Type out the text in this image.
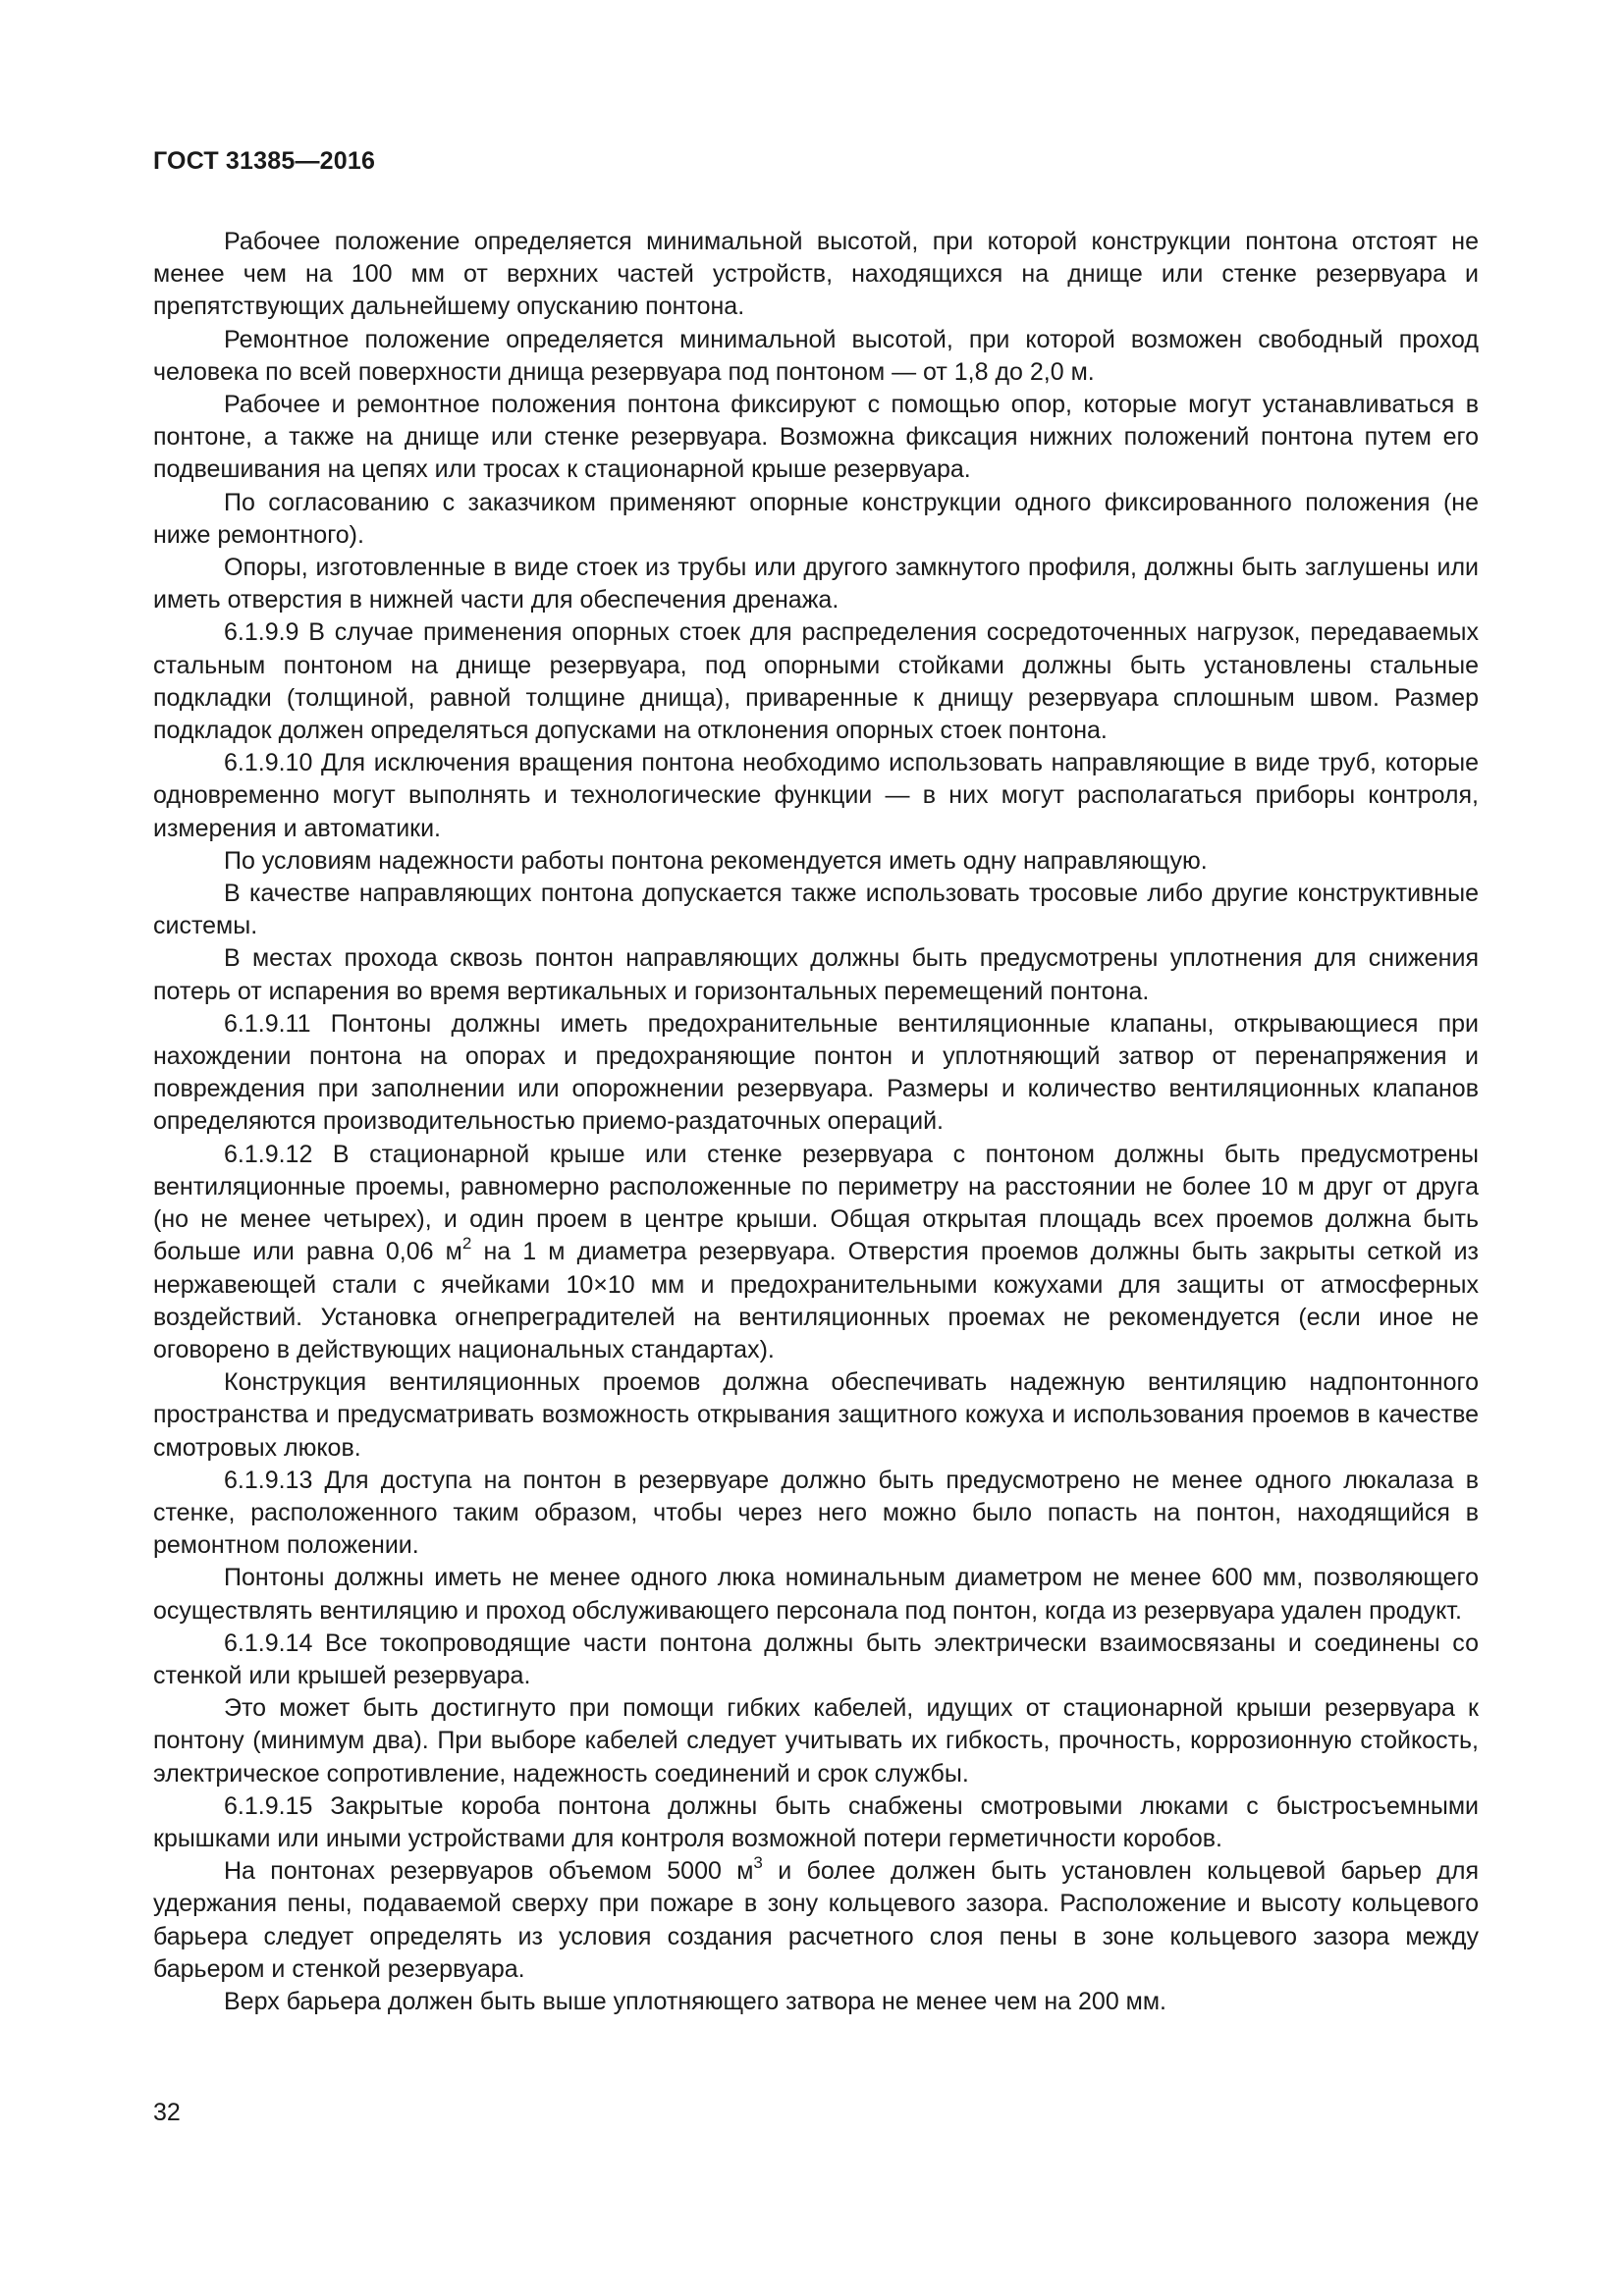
ГОСТ 31385—2016

Рабочее положение определяется минимальной высотой, при которой конструкции понтона отстоят не менее чем на 100 мм от верхних частей устройств, находящихся на днище или стенке резервуара и препятствующих дальнейшему опусканию понтона.

Ремонтное положение определяется минимальной высотой, при которой возможен свободный проход человека по всей поверхности днища резервуара под понтоном — от 1,8 до 2,0 м.

Рабочее и ремонтное положения понтона фиксируют с помощью опор, которые могут устанавливаться в понтоне, а также на днище или стенке резервуара. Возможна фиксация нижних положений понтона путем его подвешивания на цепях или тросах к стационарной крыше резервуара.

По согласованию с заказчиком применяют опорные конструкции одного фиксированного положения (не ниже ремонтного).

Опоры, изготовленные в виде стоек из трубы или другого замкнутого профиля, должны быть заглушены или иметь отверстия в нижней части для обеспечения дренажа.

6.1.9.9 В случае применения опорных стоек для распределения сосредоточенных нагрузок, передаваемых стальным понтоном на днище резервуара, под опорными стойками должны быть установлены стальные подкладки (толщиной, равной толщине днища), приваренные к днищу резервуара сплошным швом. Размер подкладок должен определяться допусками на отклонения опорных стоек понтона.

6.1.9.10 Для исключения вращения понтона необходимо использовать направляющие в виде труб, которые одновременно могут выполнять и технологические функции — в них могут располагаться приборы контроля, измерения и автоматики.

По условиям надежности работы понтона рекомендуется иметь одну направляющую.

В качестве направляющих понтона допускается также использовать тросовые либо другие конструктивные системы.

В местах прохода сквозь понтон направляющих должны быть предусмотрены уплотнения для снижения потерь от испарения во время вертикальных и горизонтальных перемещений понтона.

6.1.9.11 Понтоны должны иметь предохранительные вентиляционные клапаны, открывающиеся при нахождении понтона на опорах и предохраняющие понтон и уплотняющий затвор от перенапряжения и повреждения при заполнении или опорожнении резервуара. Размеры и количество вентиляционных клапанов определяются производительностью приемо-раздаточных операций.

6.1.9.12 В стационарной крыше или стенке резервуара с понтоном должны быть предусмотрены вентиляционные проемы, равномерно расположенные по периметру на расстоянии не более 10 м друг от друга (но не менее четырех), и один проем в центре крыши. Общая открытая площадь всех проемов должна быть больше или равна 0,06 $м^2$ на 1 м диаметра резервуара. Отверстия проемов должны быть закрыты сеткой из нержавеющей стали с ячейками 10×10 мм и предохранительными кожухами для защиты от атмосферных воздействий. Установка огнепреградителей на вентиляционных проемах не рекомендуется (если иное не оговорено в действующих национальных стандартах).

Конструкция вентиляционных проемов должна обеспечивать надежную вентиляцию надпонтонного пространства и предусматривать возможность открывания защитного кожуха и использования проемов в качестве смотровых люков.

6.1.9.13 Для доступа на понтон в резервуаре должно быть предусмотрено не менее одного люкалаза в стенке, расположенного таким образом, чтобы через него можно было попасть на понтон, находящийся в ремонтном положении.

Понтоны должны иметь не менее одного люка номинальным диаметром не менее 600 мм, позволяющего осуществлять вентиляцию и проход обслуживающего персонала под понтон, когда из резервуара удален продукт.

6.1.9.14 Все токопроводящие части понтона должны быть электрически взаимосвязаны и соединены со стенкой или крышей резервуара.

Это может быть достигнуто при помощи гибких кабелей, идущих от стационарной крыши резервуара к понтону (минимум два). При выборе кабелей следует учитывать их гибкость, прочность, коррозионную стойкость, электрическое сопротивление, надежность соединений и срок службы.

6.1.9.15 Закрытые короба понтона должны быть снабжены смотровыми люками с быстросъемными крышками или иными устройствами для контроля возможной потери герметичности коробов.

На понтонах резервуаров объемом 5000 $м^3$ и более должен быть установлен кольцевой барьер для удержания пены, подаваемой сверху при пожаре в зону кольцевого зазора. Расположение и высоту кольцевого барьера следует определять из условия создания расчетного слоя пены в зоне кольцевого зазора между барьером и стенкой резервуара.

Верх барьера должен быть выше уплотняющего затвора не менее чем на 200 мм.

32
